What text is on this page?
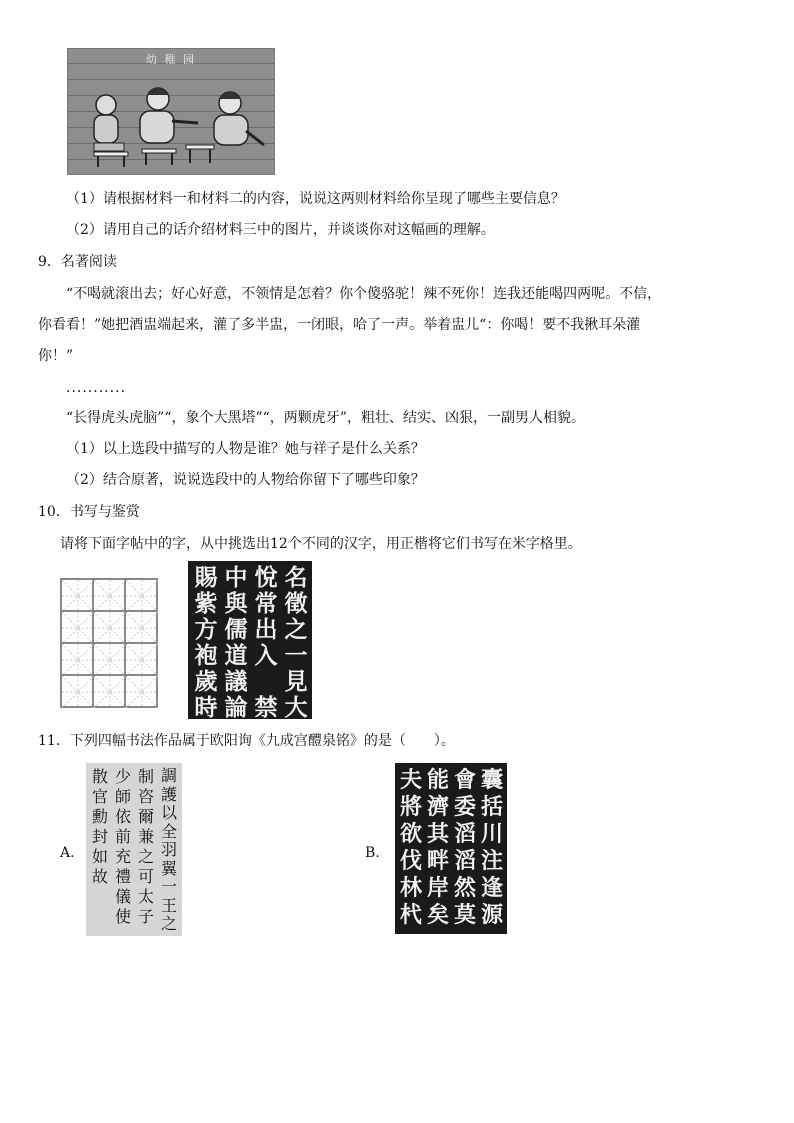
幼 稚 园
（1）请根据材料一和材料二的内容，说说这两则材料给你呈现了哪些主要信息？
（2）请用自己的话介绍材料三中的图片，并谈谈你对这幅画的理解。
9．名著阅读
“不喝就滚出去；好心好意，不领情是怎着？你个傻骆驼！辣不死你！连我还能喝四两呢。不信，
你看看！”她把酒盅端起来，灌了多半盅，一闭眼，哈了一声。举着盅儿“：你喝！要不我揪耳朵灌
你！”
...........
“长得虎头虎脑”“，象个大黑塔”“，两颗虎牙”，粗壮、结实、凶狠，一副男人相貌。
（1）以上选段中描写的人物是谁？她与祥子是什么关系？
（2）结合原著，说说选段中的人物给你留下了哪些印象？
10．书写与鉴赏
请将下面字帖中的字，从中挑选出12个不同的汉字，用正楷将它们书写在米字格里。
名
徵
之
一
見
大
悅
常
出
入
禁
中
與
儒
道
議
論
賜
紫
方
袍
歲
時
11．下列四幅书法作品属于欧阳询《九成宫醴泉铭》的是（　　）。
A.
調
護
以
全
羽
翼
一
王
之
制
咨
爾
兼
之
可
太
子
少
師
依
前
充
禮
儀
使
散
官
勳
封
如
故
B.
囊
括
川
注
逢
源
會
委
滔
滔
然
莫
能
濟
其
畔
岸
矣
夫
將
欲
伐
林
杙
